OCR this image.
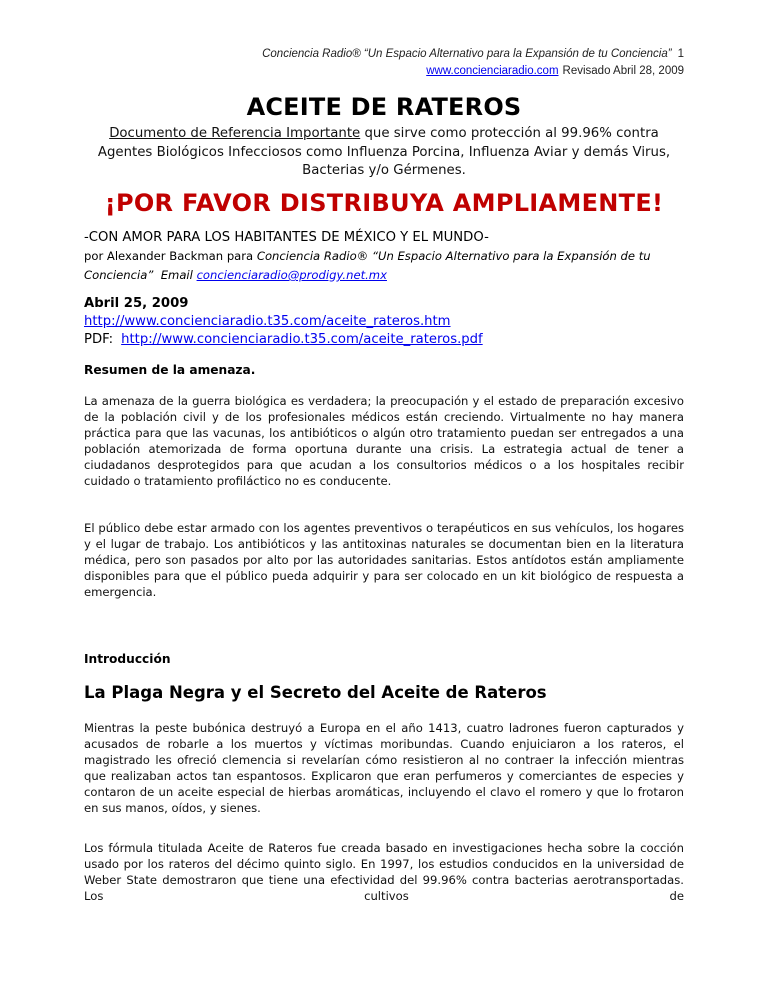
Conciencia Radio® “Un Espacio Alternativo para la Expansión de tu Conciencia” 1
www.concienciaradio.com Revisado Abril 28, 2009
ACEITE DE RATEROS
Documento de Referencia Importante que sirve como protección al 99.96% contra Agentes Biológicos Infecciosos como Influenza Porcina, Influenza Aviar y demás Virus, Bacterias y/o Gérmenes.
¡POR FAVOR DISTRIBUYA AMPLIAMENTE!
-CON AMOR PARA LOS HABITANTES DE MÉXICO Y EL MUNDO-
por Alexander Backman para Conciencia Radio® “Un Espacio Alternativo para la Expansión de tu Conciencia”  Email concienciaradio@prodigy.net.mx
Abril 25, 2009
http://www.concienciaradio.t35.com/aceite_rateros.htm
PDF: http://www.concienciaradio.t35.com/aceite_rateros.pdf
Resumen de la amenaza.
La amenaza de la guerra biológica es verdadera; la preocupación y el estado de preparación excesivo de la población civil y de los profesionales médicos están creciendo. Virtualmente no hay manera práctica para que las vacunas, los antibióticos o algún otro tratamiento puedan ser entregados a una población atemorizada de forma oportuna durante una crisis. La estrategia actual de tener a ciudadanos desprotegidos para que acudan a los consultorios médicos o a los hospitales recibir cuidado o tratamiento profiláctico no es conducente.
El público debe estar armado con los agentes preventivos o terapéuticos en sus vehículos, los hogares y el lugar de trabajo. Los antibióticos y las antitoxinas naturales se documentan bien en la literatura médica, pero son pasados por alto por las autoridades sanitarias. Estos antídotos están ampliamente disponibles para que el público pueda adquirir y para ser colocado en un kit biológico de respuesta a emergencia.
Introducción
La Plaga Negra y el Secreto del Aceite de Rateros
Mientras la peste bubónica destruyó a Europa en el año 1413, cuatro ladrones fueron capturados y acusados de robarle a los muertos y víctimas moribundas. Cuando enjuiciaron a los rateros, el magistrado les ofreció clemencia si revelarían cómo resistieron al no contraer la infección mientras que realizaban actos tan espantosos. Explicaron que eran perfumeros y comerciantes de especies y contaron de un aceite especial de hierbas aromáticas, incluyendo el clavo el romero y que lo frotaron en sus manos, oídos, y sienes.
Los fórmula titulada Aceite de Rateros fue creada basado en investigaciones hecha sobre la cocción usado por los rateros del décimo quinto siglo. En 1997, los estudios conducidos en la universidad de Weber State demostraron que tiene una efectividad del 99.96% contra bacterias aerotransportadas. Los cultivos de
